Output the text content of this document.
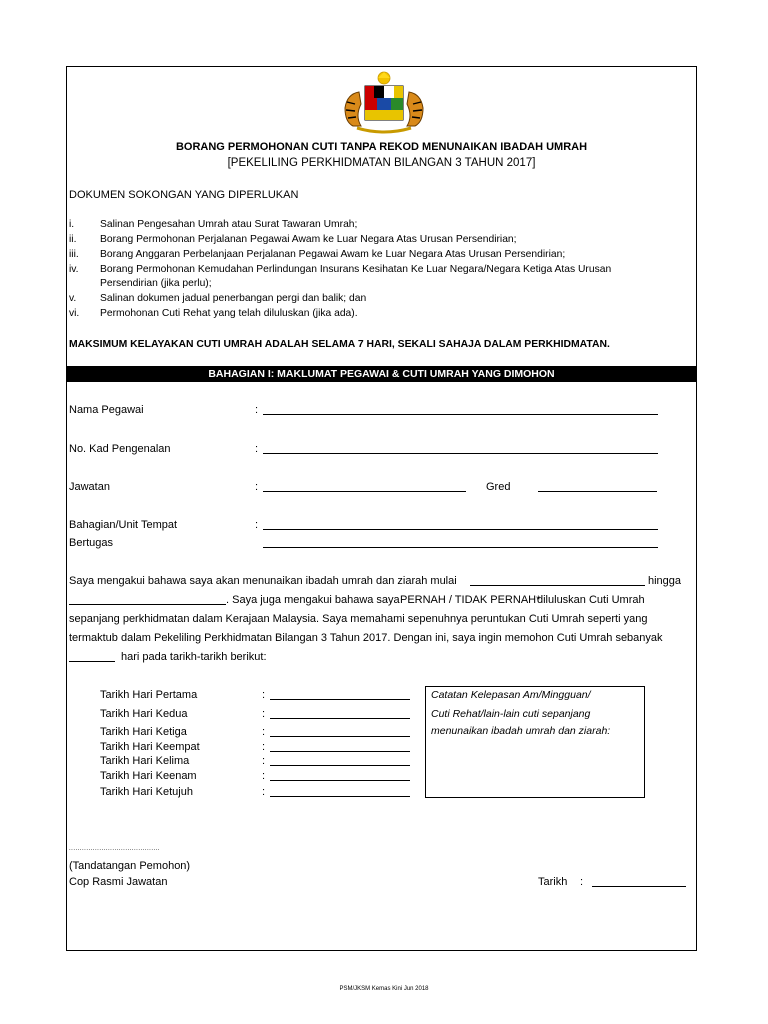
BORANG PERMOHONAN CUTI TANPA REKOD MENUNAIKAN IBADAH UMRAH
[PEKELILING PERKHIDMATAN BILANGAN 3 TAHUN 2017]
DOKUMEN SOKONGAN YANG DIPERLUKAN
i.	Salinan Pengesahan Umrah atau Surat Tawaran Umrah;
ii. Borang Permohonan Perjalanan Pegawai Awam ke Luar Negara Atas Urusan Persendirian;
iii. Borang Anggaran Perbelanjaan Perjalanan Pegawai Awam ke Luar Negara Atas Urusan Persendirian;
iv. Borang Permohonan Kemudahan Perlindungan Insurans Kesihatan Ke Luar Negara/Negara Ketiga Atas Urusan
Persendirian (jika perlu);
v. Salinan dokumen jadual penerbangan pergi dan balik; dan
vi. Permohonan Cuti Rehat yang telah diluluskan (jika ada).
MAKSIMUM KELAYAKAN CUTI UMRAH ADALAH SELAMA 7 HARI, SEKALI SAHAJA DALAM PERKHIDMATAN.
BAHAGIAN I: MAKLUMAT PEGAWAI & CUTI UMRAH YANG DIMOHON
Nama Pegawai	:
No. Kad Pengenalan	:
Jawatan	:	Gred
Bahagian/Unit Tempat
Bertugas
:
Saya mengakui bahawa saya akan menunaikan ibadah umrah dan ziarah mulai	hingga
. Saya juga mengakui bahawa saya PERNAH / TIDAK PERNAH*
diluluskan Cuti Umrah
sepanjang perkhidmatan dalam Kerajaan Malaysia. Saya memahami sepenuhnya peruntukan Cuti Umrah seperti yang
termaktub dalam Pekeliling Perkhidmatan Bilangan 3 Tahun 2017. Dengan ini, saya ingin memohon Cuti Umrah sebanyak
hari pada tarikh-tarikh berikut:
Tarikh Hari Pertama	:
Tarikh Hari Kedua	:
Tarikh Hari Ketiga	:
Tarikh Hari Keempat	:
Tarikh Hari Kelima	:
Tarikh Hari Keenam	:
Tarikh Hari Ketujuh	:
Catatan Kelepasan Am/Mingguan/
Cuti Rehat/lain-lain cuti sepanjang
menunaikan ibadah umrah dan ziarah:
..........................................
(Tandatangan Pemohon)
Cop Rasmi Jawatan	Tarikh :
PSM/JKSM Kemas Kini Jun 2018
